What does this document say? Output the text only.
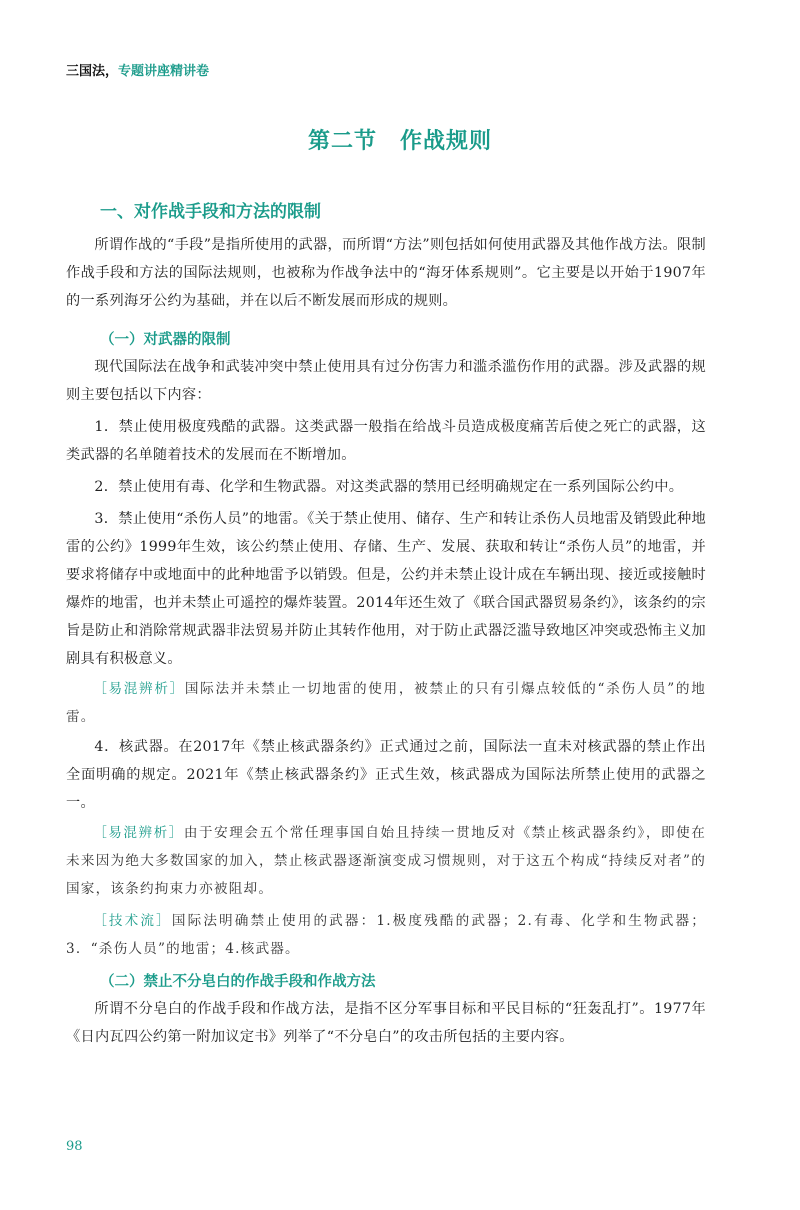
三国法，专题讲座精讲卷
第二节　作战规则
一、对作战手段和方法的限制

所谓作战的“手段”是指所使用的武器，而所谓“方法”则包括如何使用武器及其他作战方法。限制作战手段和方法的国际法规则，也被称为作战争法中的“海牙体系规则”。它主要是以开始于1907年的一系列海牙公约为基础，并在以后不断发展而形成的规则。

（一）对武器的限制

现代国际法在战争和武装冲突中禁止使用具有过分伤害力和滥杀滥伤作用的武器。涉及武器的规则主要包括以下内容：

1．禁止使用极度残酷的武器。这类武器一般指在给战斗员造成极度痛苦后使之死亡的武器，这类武器的名单随着技术的发展而在不断增加。

2．禁止使用有毒、化学和生物武器。对这类武器的禁用已经明确规定在一系列国际公约中。

3．禁止使用“杀伤人员”的地雷。《关于禁止使用、储存、生产和转让杀伤人员地雷及销毁此种地雷的公约》1999年生效，该公约禁止使用、存储、生产、发展、获取和转让“杀伤人员”的地雷，并要求将储存中或地面中的此种地雷予以销毁。但是，公约并未禁止设计成在车辆出现、接近或接触时爆炸的地雷，也并未禁止可遥控的爆炸装置。2014年还生效了《联合国武器贸易条约》，该条约的宗旨是防止和消除常规武器非法贸易并防止其转作他用，对于防止武器泛滥导致地区冲突或恐怖主义加剧具有积极意义。

［易混辨析］国际法并未禁止一切地雷的使用，被禁止的只有引爆点较低的“杀伤人员”的地雷。

4．核武器。在2017年《禁止核武器条约》正式通过之前，国际法一直未对核武器的禁止作出全面明确的规定。2021年《禁止核武器条约》正式生效，核武器成为国际法所禁止使用的武器之一。

［易混辨析］由于安理会五个常任理事国自始且持续一贯地反对《禁止核武器条约》，即使在未来因为绝大多数国家的加入，禁止核武器逐渐演变成习惯规则，对于这五个构成“持续反对者”的国家，该条约拘束力亦被阻却。

［技术流］国际法明确禁止使用的武器：1.极度残酷的武器；2.有毒、化学和生物武器；3．“杀伤人员”的地雷；4.核武器。

（二）禁止不分皂白的作战手段和作战方法

所谓不分皂白的作战手段和作战方法，是指不区分军事目标和平民目标的“狂轰乱打”。1977年《日内瓦四公约第一附加议定书》列举了“不分皂白”的攻击所包括的主要内容。

98
